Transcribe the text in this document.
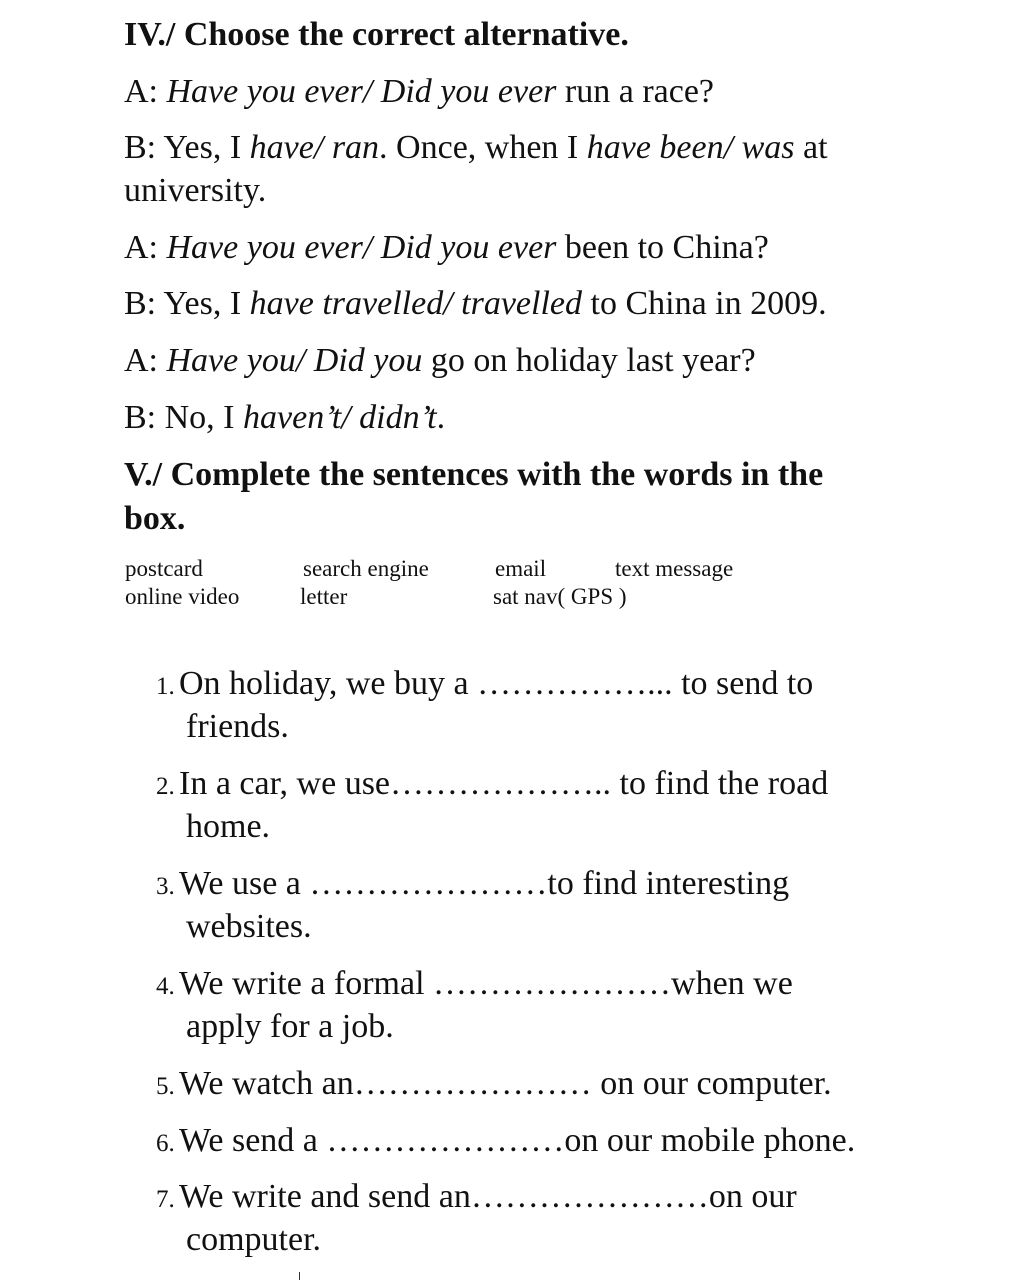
IV./ Choose the correct alternative.
A: Have you ever/ Did you ever run a race?
B: Yes, I have/ ran. Once, when I have been/ was at
university.
A: Have you ever/ Did you ever been to China?
B: Yes, I have travelled/ travelled to China in 2009.
A: Have you/ Did you go on holiday last year?
B: No, I haven’t/ didn’t.
V./ Complete the sentences with the words in the
box.
postcard	search engine	email	text message
online video	letter	sat nav( GPS )
1. On holiday, we buy a ……………... to send to
friends.
2. In a car, we use……………….. to find the road
home.
3. We use a …………………to find interesting
websites.
4. We write a formal …………………when we
apply for a job.
5. We watch an………………… on our computer.
6. We send a …………………on our mobile phone.
7. We write and send an…………………on our
computer.
